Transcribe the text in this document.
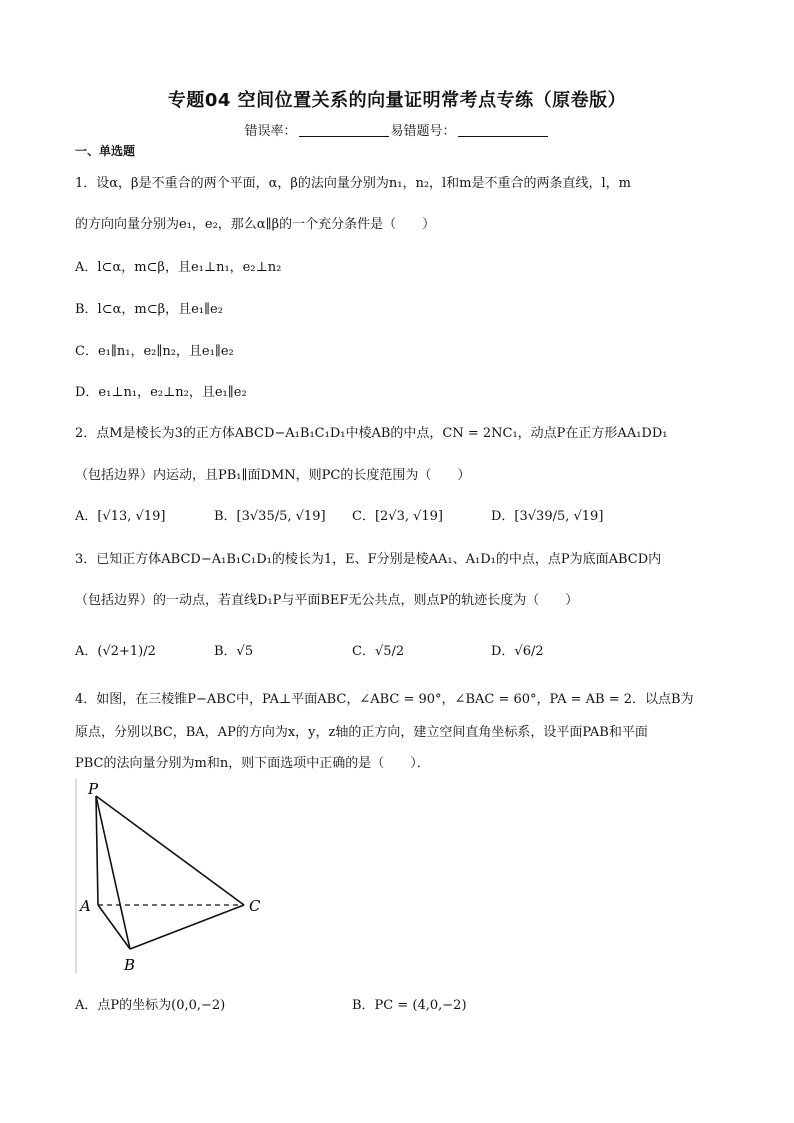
专题04 空间位置关系的向量证明常考点专练（原卷版）
错误率：	易错题号：
一、单选题
1．设α，β是不重合的两个平面，α，β的法向量分别为n₁，n₂，l和m是不重合的两条直线，l，m
的方向向量分别为e₁，e₂，那么α∥β的一个充分条件是（　　）
A．l⊂α，m⊂β，且e₁⊥n₁，e₂⊥n₂
B．l⊂α，m⊂β，且e₁∥e₂
C．e₁∥n₁，e₂∥n₂，且e₁∥e₂
D．e₁⊥n₁，e₂⊥n₂，且e₁∥e₂
2．点M是棱长为3的正方体ABCD−A₁B₁C₁D₁中棱AB的中点，CN = 2NC₁，动点P在正方形AA₁DD₁
（包括边界）内运动，且PB₁∥面DMN，则PC的长度范围为（　　）
A．[√13, √19]	B．[3√35/5, √19] C．[2√3, √19]	D．[3√39/5, √19]
3．已知正方体ABCD−A₁B₁C₁D₁的棱长为1，E、F分别是棱AA₁、A₁D₁的中点，点P为底面ABCD内
（包括边界）的一动点，若直线D₁P与平面BEF无公共点，则点P的轨迹长度为（　　）
A．(√2+1)/2	B．√5	C．√5/2	D．√6/2
4．如图，在三棱锥P−ABC中，PA⊥平面ABC，∠ABC = 90°，∠BAC = 60°，PA = AB = 2．以点B为
原点，分别以BC，BA，AP的方向为x，y，z轴的正方向，建立空间直角坐标系，设平面PAB和平面
PBC的法向量分别为m和n，则下面选项中正确的是（　　）．
P
A
B
C
A．点P的坐标为(0,0,−2)	B．PC = (4,0,−2)
